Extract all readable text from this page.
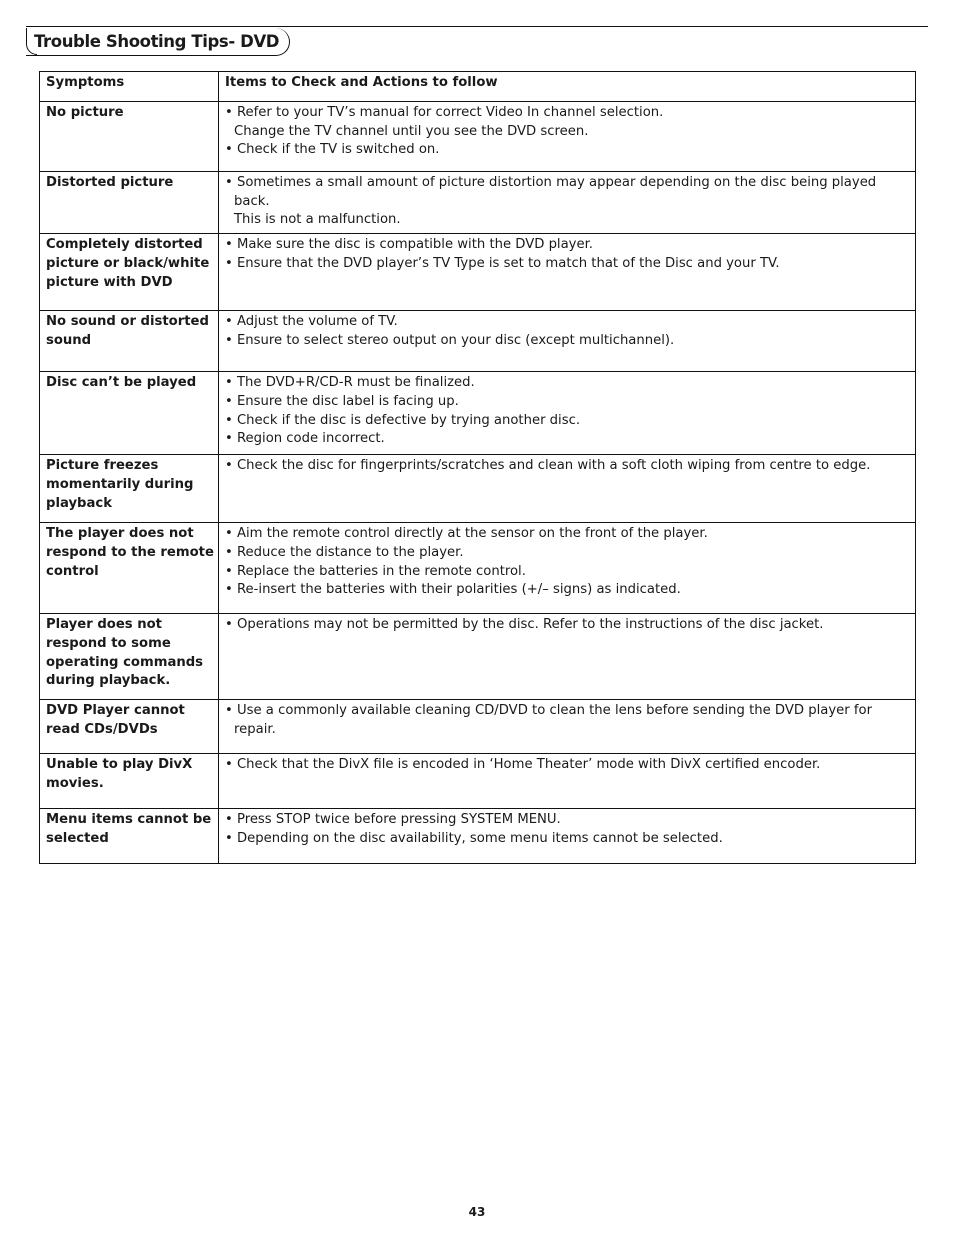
Trouble Shooting Tips- DVD
Symptoms	Items to Check and Actions to follow
No picture	• Refer to your TV’s manual for correct Video In channel selection.
Change the TV channel until you see the DVD screen.
• Check if the TV is switched on.

Distorted picture	• Sometimes a small amount of picture distortion may appear depending on the disc being played back.
This is not a malfunction.

Completely distorted picture or black/white picture with DVD	• Make sure the disc is compatible with the DVD player.
• Ensure that the DVD player’s TV Type is set to match that of the Disc and your TV.

No sound or distorted sound	• Adjust the volume of TV.
• Ensure to select stereo output on your disc (except multichannel).

Disc can’t be played	• The DVD+R/CD-R must be finalized.
• Ensure the disc label is facing up.
• Check if the disc is defective by trying another disc.
• Region code incorrect.

Picture freezes momentarily during playback	• Check the disc for fingerprints/scratches and clean with a soft cloth wiping from centre to edge.

The player does not respond to the remote control	• Aim the remote control directly at the sensor on the front of the player.
• Reduce the distance to the player.
• Replace the batteries in the remote control.
• Re-insert the batteries with their polarities (+/– signs) as indicated.

Player does not respond to some operating commands during playback.	• Operations may not be permitted by the disc. Refer to the instructions of the disc jacket.

DVD Player cannot read CDs/DVDs	• Use a commonly available cleaning CD/DVD to clean the lens before sending the DVD player for repair.

Unable to play DivX movies.	• Check that the DivX file is encoded in ‘Home Theater’ mode with DivX certified encoder.

Menu items cannot be selected	• Press STOP twice before pressing SYSTEM MENU.
• Depending on the disc availability, some menu items cannot be selected.
43
